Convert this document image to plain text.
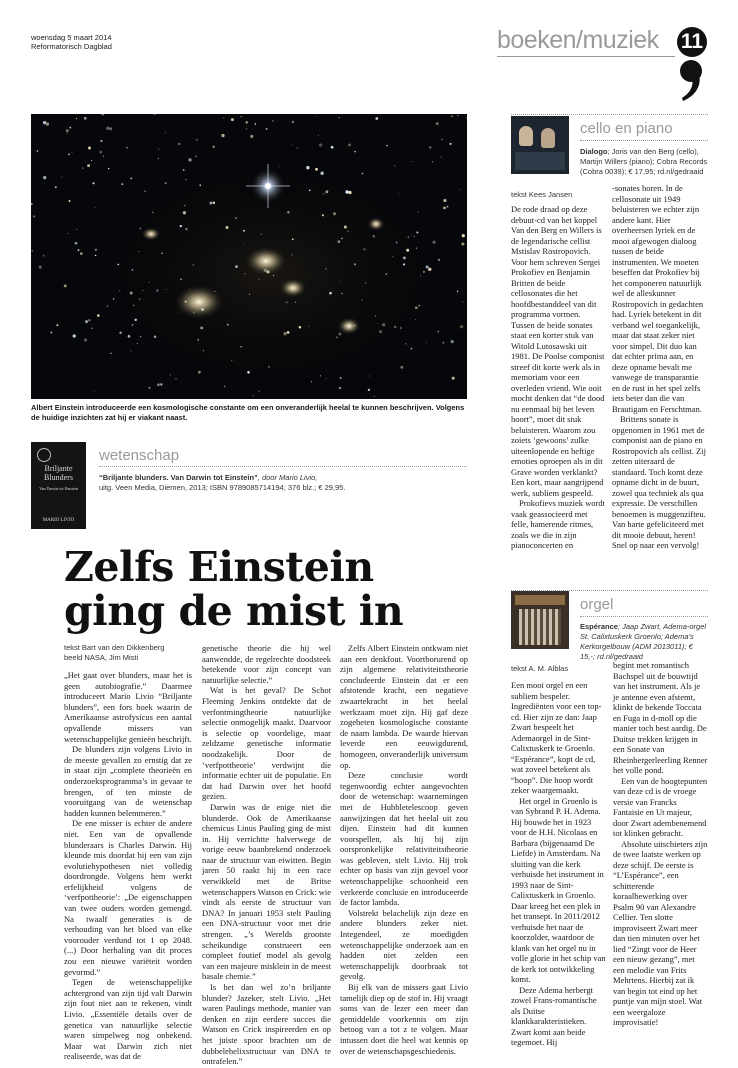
woensdag 5 maart 2014
Reformatorisch Dagblad	boeken/muziek 11
Albert Einstein introduceerde een kosmologische constante om een onveranderlijk heelal te kunnen beschrijven. Volgens de huidige inzichten zat hij er viakant naast.
Briljante Blunders
Van Darwin tot Einstein
MARIO LIVIO
wetenschap
“Briljante blunders. Van Darwin tot Einstein”, door Mario Livio,
uitg. Veen Media, Diemen, 2013; ISBN 9789085714194; 376 blz.; € 29,95.
Zelfs Einstein
ging de mist in
tekst Bart van den Dikkenberg
beeld NASA, Jim Misti

„Het gaat over blunders, maar het is geen autobiografie.” Daarmee introduceert Mario Livio “Briljante blunders”, een fors boek waarin de Amerikaanse astrofysicus een aantal opvallende missers van wetenschappelijke genieën beschrijft.

De blunders zijn volgens Livio in de meeste gevallen zo ernstig dat ze in staat zijn „complete theorieën en onderzoeksprogramma’s in gevaar te brengen, of ten minste de vooruitgang van de wetenschap hadden kunnen belemmeren.”

De ene misser is echter de andere niet. Een van de opvallende blunderaars is Charles Darwin. Hij kleunde mis doordat hij een van zijn evolutiehypothesen niet volledig doordrongde. Volgens hem werkt erfelijkheid volgens de ‘verfpottheorie’: „De eigenschappen van twee ouders worden gemengd. Na twaalf generaties is de verhouding van het bloed van elke voorouder verdund tot 1 op 2048. (...) Door herhaling van dit proces zou een nieuwe variëteit worden gevormd.”

Tegen de wetenschappelijke achtergrond van zijn tijd valt Darwin zijn fout niet aan te rekenen, vindt Livio. „Essentiële details over de genetica van natuurlijke selectie waren simpelweg nog onbekend. Maar wat Darwin zich niet realiseerde, was dat de

genetische theorie die hij wel aanwendde, de regelrechte doodsteek betekende voor zijn concept van natuurlijke selectie.”

Wat is het geval? De Schot Fleeming Jenkins ontdekte dat de verfontmingtheorie natuurlijke selectie onmogelijk maakt. Daarvoor is selectie op voordelige, maar zeldzame genetische informatie noodzakelijk. Door de ‘verfpottheorie’ verdwijnt die informatie echter uit de populatie. En dat had Darwin over het hoofd gezien.

Darwin was de enige niet die blunderde. Ook de Amerikaanse chemicus Linus Pauling ging de mist in. Hij verrichtte halverwege de vorige eeuw baanbrekend onderzoek naar de structuur van eiwitten. Begin jaren 50 raakt hij in een race verwikkeld met de Britse wetenschappers Watson en Crick: wie vindt als eerste de structuur van DNA? In januari 1953 stelt Pauling een DNA-structuur voor met drie strengen. „’s Werelds grootste scheikundige construeert een compleet foutief model als gevolg van een majeure misklein in de meest basale chemie.”

Is het dan wel zo’n briljante blunder? Jazeker, stelt Livio. „Het waren Paulings methode, manier van denken en zijn eerdere succes die Watson en Crick inspireerden en op het juiste spoor brachten om de dubbelehelixstructuur van DNA te ontrafelen.”

Zelfs Albert Einstein ontkwam niet aan een denkfout. Voortborurend op zijn algemene relativiteitstheorie concludeerde Einstein dat er een afstotende kracht, een negatieve zwaartekracht in het heelal werkzaam moet zijn. Hij gaf deze zogeheten kosmologische constante de naam lambda. De waarde hiervan leverde een eeuwigdurend, homogeen, onveranderlijk universum op.

Deze conclusie wordt tegenwoordig echter aangevochten door de wetenschap: waarnemingen met de Hubbletelescoop geven aanwijzingen dat het heelal uit zou dijen. Einstein had dit kunnen voorspellen, als hij bij zijn oorspronkelijke relativiteitstheorie was gebleven, stelt Livio. Hij trok echter op basis van zijn gevoel voor wetenschappelijke schoonheid een verkeerde conclusie en introduceerde de factor lambda.

Volstrekt belachelijk zijn deze en andere blunders zeker niet. Integendeel, ze moedigden wetenschappelijke onderzoek aan en hadden niet zelden een wetenschappelijk doorbraak tot gevolg.

Bij elk van de missers gaat Livio tamelijk diep op de stof in. Hij vraagt soms van de lezer een meer dan gemiddelde voorkennis om zijn betoog van a tot z te volgen. Maar intussen doet die heel wat kennis op over de wetenschapsgeschiedenis.

cello en piano
Dialogo; Joris van den Berg (cello), Martijn Willers (piano); Cobra Records (Cobra 0039); € 17,95; rd.nl/gedraaid
tekst Kees Jansen

De rode draad op deze debuut-cd van het koppel Van den Berg en Willers is de legendarische cellist Mstislav Rostropovich. Voor hem schreven Sergei Prokofiev en Benjamin Britten de beide cellosonates die het hoofdbestanddeel van dit programma vormen. Tussen de beide sonates staat een korter stuk van Witold Lutosawski uit 1981. De Poolse componist streef dit korte werk als in memoriam voor een overleden vriend. Wie ooit mocht denken dat “de dood nu eenmaal bij het leven hoort”, moet dit stuk beluisteren. Waarom zou zoiets ‘gewoons’ zulke uiteenlopende en heftige emoties oproepen als in dit Grave worden verklankt? Een kort, maar aangrijpend werk, subliem gespeeld.

Prokofievs muziek wordt vaak geassocieerd met felle, hamerende ritmes, zoals we die in zijn pianoconcerten en

-sonates horen. In de cellosonate uit 1949 beluisteren we echter zijn andere kant. Hier overheersen lyriek en de mooi afgewogen dialoog tussen de beide instrumenten. We moeten beseffen dat Prokofiev bij het componeren natuurlijk wel de alleskunner Rostropovich in gedachten had. Lyriek betekent in dit verband wel toegankelijk, maar dat staat zeker niet voor simpel. Dit duo kan dat echter prima aan, en deze opname bevalt me vanwege de transparantie en de rust in het spel zelfs iets beter dan die van Brautigam en Ferschtman.

Brittens sonate is opgenomen in 1961 met de componist aan de piano en Rostropovich als cellist. Zij zetten uiteraard de standaard. Toch komt deze opname dicht in de buurt, zowel qua techniek als qua expressie. De verschillen benoemen is muggenzifteu. Van harte gefeliciteerd met dit mooie debuut, heren! Snel op naar een vervolg!

orgel
Espérance; Jaap Zwart, Adema-orgel St. Calixtuskerk Groenlo; Adema’s Kerkorgelbouw (ADM 2013011); € 15,-; rd.nl/gedraaid
tekst A. M. Alblas

Een mooi orgel en een subliem bespeler. Ingrediënten voor een top-cd. Hier zijn ze dan: Jaap Zwart bespeelt het Ademaorgel in de Sint-Calixtuskerk te Groenlo. “Espérance”, kopt de cd, wat zoveel betekent als “hoop”. Die hoop wordt zeker waargemaakt.

Het orgel in Groenlo is van Sybrand P. H. Adema. Hij bouwde het in 1923 voor de H.H. Nicolaas en Barbara (bijgenaamd De Liefde) in Amsterdam. Na sluiting van die kerk verhuisde het instrument in 1993 naar de Sint-Calixtuskerk in Groenlo. Daar kreeg het een plek in het transept. In 2011/2012 verhuisde het naar de koorzolder, waardoor de klank van het orgel nu in volle glorie in het schip van de kerk tot ontwikkeling komt.

Deze Adema herbergt zowel Frans-romantische als Duitse klankkarakteristieken. Zwart komt aan beide tegemoet. Hij

begint met romantisch Bachspel uit de bouwtijd van het instrument. Als je je antenne even afstemt, klinkt de bekende Toccata en Fuga in d-moll op die manier toch best aardig. De Duitse trekken krijgen in een Sonate van Rheinbergerleerling Renner het volle pond.

Een van de hoogtepunten van deze cd is de vroege versie van Francks Fantaisie en Ut majeur, door Zwart adembenemend tot klinken gebracht.

Absolute uitschieters zijn de twee laatste werken op deze schijf. De eerste is “L’Espérance”, een schitterende koraalbewerking over Psalm 90 van Alexandre Cellier. Ten slotte improviseert Zwart meer dan tien minuten over het lied “Zingt voor de Heer een nieuw gezang”, met een melodie van Frits Mehrtens. Hierbij zat ik van begin tot eind op het puntje van mijn stoel. Wat een weergaloze improvisatie!
